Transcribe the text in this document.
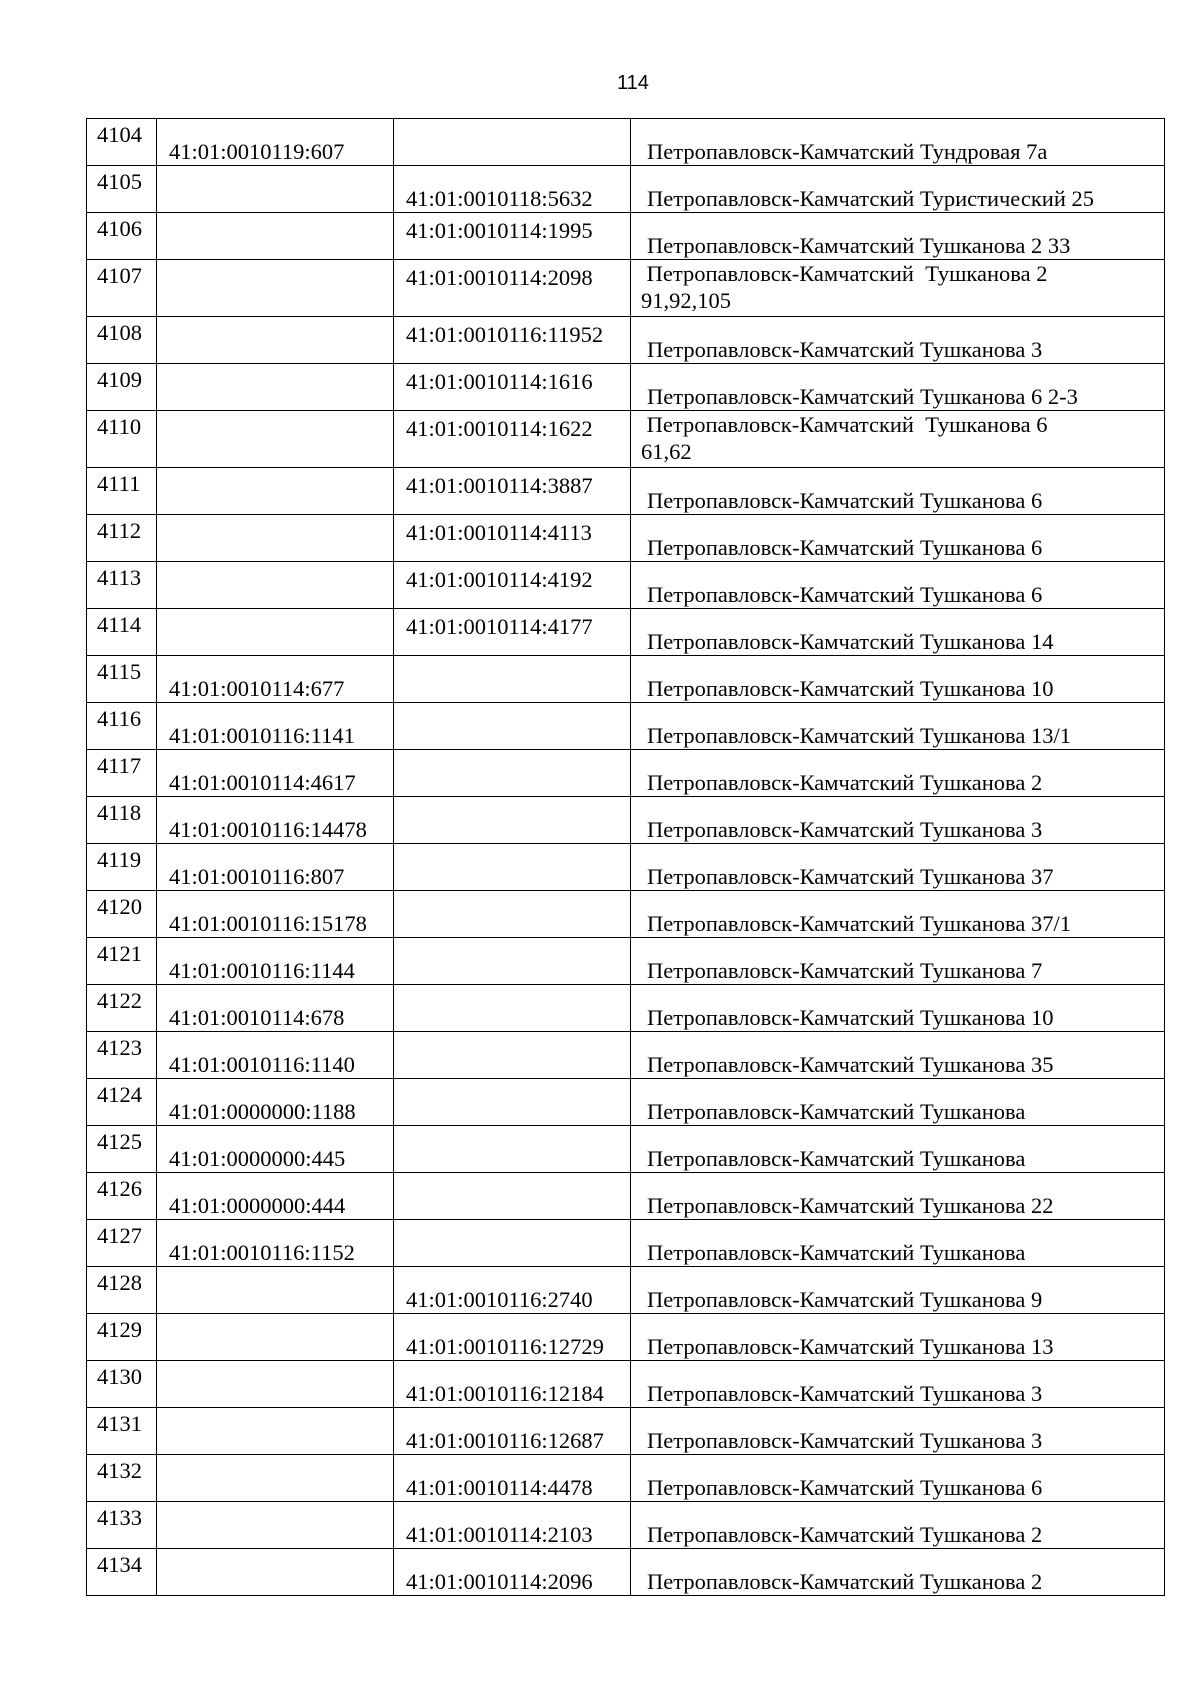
114
4104	41:01:0010119:607		Петропавловск-Камчатский Тундровая 7а

4105		41:01:0010118:5632	Петропавловск-Камчатский Туристический 25

4106		41:01:0010114:1995	Петропавловск-Камчатский Тушканова 2 33

4107		41:01:0010114:2098	Петропавловск-Камчатский  Тушканова 2
91,92,105

4108		41:01:0010116:11952	Петропавловск-Камчатский Тушканова 3

4109		41:01:0010114:1616	Петропавловск-Камчатский Тушканова 6 2-3

4110		41:01:0010114:1622	Петропавловск-Камчатский  Тушканова 6
61,62

4111		41:01:0010114:3887	Петропавловск-Камчатский Тушканова 6

4112		41:01:0010114:4113	Петропавловск-Камчатский Тушканова 6

4113		41:01:0010114:4192	Петропавловск-Камчатский Тушканова 6

4114		41:01:0010114:4177	Петропавловск-Камчатский Тушканова 14

4115	41:01:0010114:677		Петропавловск-Камчатский Тушканова 10

4116	41:01:0010116:1141		Петропавловск-Камчатский Тушканова 13/1

4117	41:01:0010114:4617		Петропавловск-Камчатский Тушканова 2

4118	41:01:0010116:14478		Петропавловск-Камчатский Тушканова 3

4119	41:01:0010116:807		Петропавловск-Камчатский Тушканова 37

4120	41:01:0010116:15178		Петропавловск-Камчатский Тушканова 37/1

4121	41:01:0010116:1144		Петропавловск-Камчатский Тушканова 7

4122	41:01:0010114:678		Петропавловск-Камчатский Тушканова 10

4123	41:01:0010116:1140		Петропавловск-Камчатский Тушканова 35

4124	41:01:0000000:1188		Петропавловск-Камчатский Тушканова

4125	41:01:0000000:445		Петропавловск-Камчатский Тушканова

4126	41:01:0000000:444		Петропавловск-Камчатский Тушканова 22

4127	41:01:0010116:1152		Петропавловск-Камчатский Тушканова

4128		41:01:0010116:2740	Петропавловск-Камчатский Тушканова 9

4129		41:01:0010116:12729	Петропавловск-Камчатский Тушканова 13

4130		41:01:0010116:12184	Петропавловск-Камчатский Тушканова 3

4131		41:01:0010116:12687	Петропавловск-Камчатский Тушканова 3

4132		41:01:0010114:4478	Петропавловск-Камчатский Тушканова 6

4133		41:01:0010114:2103	Петропавловск-Камчатский Тушканова 2

4134		41:01:0010114:2096	Петропавловск-Камчатский Тушканова 2
